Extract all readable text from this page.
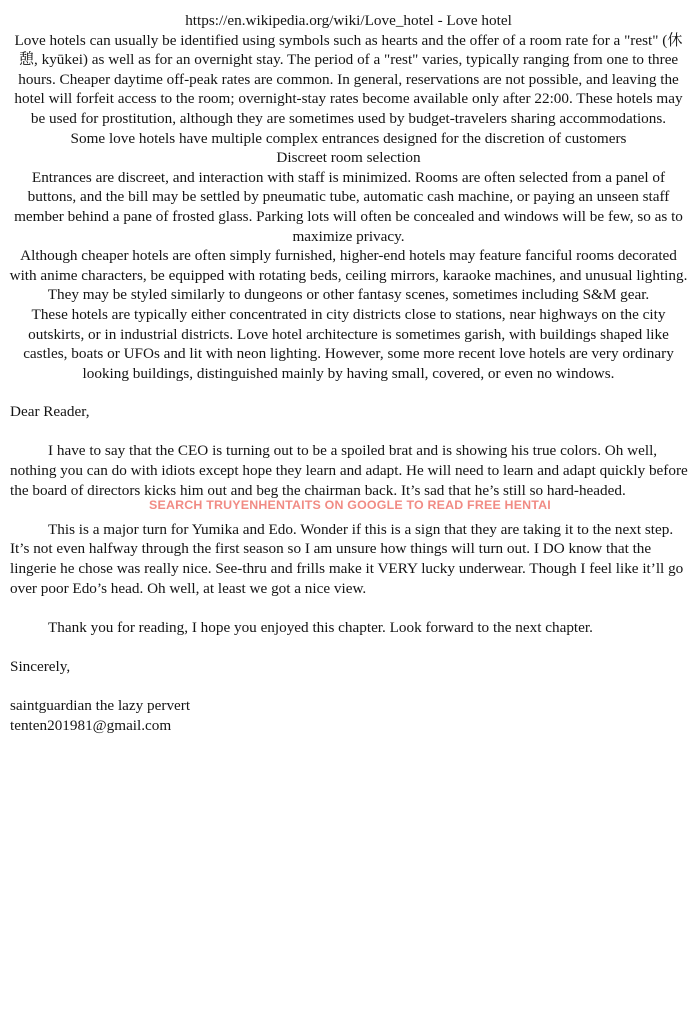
https://en.wikipedia.org/wiki/Love_hotel - Love hotel

Love hotels can usually be identified using symbols such as hearts and the offer of a room rate for a "rest" (休憩, kyūkei) as well as for an overnight stay. The period of a "rest" varies, typically ranging from one to three hours. Cheaper daytime off-peak rates are common. In general, reservations are not possible, and leaving the hotel will forfeit access to the room; overnight-stay rates become available only after 22:00. These hotels may be used for prostitution, although they are sometimes used by budget-travelers sharing accommodations.

Some love hotels have multiple complex entrances designed for the discretion of customers

Discreet room selection

Entrances are discreet, and interaction with staff is minimized. Rooms are often selected from a panel of buttons, and the bill may be settled by pneumatic tube, automatic cash machine, or paying an unseen staff member behind a pane of frosted glass. Parking lots will often be concealed and windows will be few, so as to maximize privacy.

Although cheaper hotels are often simply furnished, higher-end hotels may feature fanciful rooms decorated with anime characters, be equipped with rotating beds, ceiling mirrors, karaoke machines, and unusual lighting. They may be styled similarly to dungeons or other fantasy scenes, sometimes including S&M gear.

These hotels are typically either concentrated in city districts close to stations, near highways on the city outskirts, or in industrial districts. Love hotel architecture is sometimes garish, with buildings shaped like castles, boats or UFOs and lit with neon lighting. However, some more recent love hotels are very ordinary looking buildings, distinguished mainly by having small, covered, or even no windows.

Dear Reader,

I have to say that the CEO is turning out to be a spoiled brat and is showing his true colors. Oh well, nothing you can do with idiots except hope they learn and adapt. He will need to learn and adapt quickly before the board of directors kicks him out and beg the chairman back. It’s sad that he’s still so hard-headed.

This is a major turn for Yumika and Edo. Wonder if this is a sign that they are taking it to the next step. It’s not even halfway through the first season so I am unsure how things will turn out. I DO know that the lingerie he chose was really nice. See-thru and frills make it VERY lucky underwear. Though I feel like it’ll go over poor Edo’s head. Oh well, at least we got a nice view.

Thank you for reading, I hope you enjoyed this chapter. Look forward to the next chapter.

Sincerely,

saintguardian the lazy pervert

tenten201981@gmail.com

SEARCH TRUYENHENTAITS ON GOOGLE TO READ FREE HENTAI
